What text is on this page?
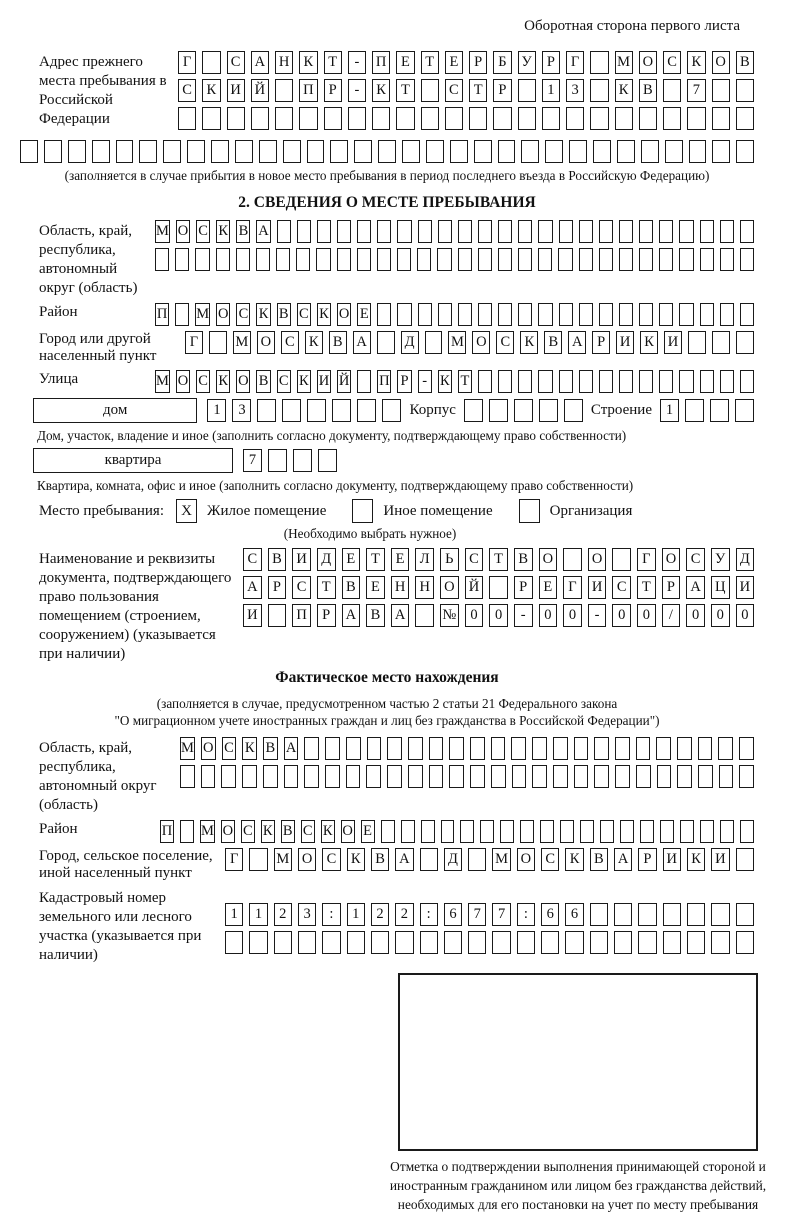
Оборотная сторона первого листа
Адрес прежнего места пребывания в Российской Федерации
Г	С А Н К	Т	-	П	Е	Т	Е	Р	Б	У	Р	Г	М О С К О В
С К И Й	П	Р	-	К	Т	С	Т	Р	1	3	К В	7
(заполняется в случае прибытия в новое место пребывания в период последнего въезда в Российскую Федерацию)
2. СВЕДЕНИЯ О МЕСТЕ ПРЕБЫВАНИЯ
Область, край, республика, автономный округ (область)
М О С К В А
Район	П М О С К В С К О Е
Город или другой населенный пункт
Г	М О С К В А	Д	М О С К В А	Р	И К И
Улица	М О С К О В С К И Й П Р - К Т
дом	1	3	Корпус	Строение 1
Дом, участок, владение и иное (заполнить согласно документу, подтверждающему право собственности)
квартира	7
Квартира, комната, офис и иное (заполнить согласно документу, подтверждающему право собственности)
Место пребывания:	X	Жилое помещение	Иное помещение	Организация
(Необходимо выбрать нужное)
Наименование и реквизиты документа, подтверждающего право пользования помещением (строением, сооружением) (указывается при наличии)
С	В	И Д	Е	Т	Е	Л	Ь	С	Т	В	О	О	Г	О	С	У	Д
А	Р	С	Т	В	Е	Н Н О Й	Р	Е	Г	И	С	Т	Р	А Ц И
И	П	Р	А	В	А	№ 0	0	-	0	0	-	0	0	/	0	0	0
Фактическое место нахождения
(заполняется в случае, предусмотренном частью 2 статьи 21 Федерального закона
"О миграционном учете иностранных граждан и лиц без гражданства в Российской Федерации")
Область, край, республика, автономный округ (область)
М О С К В А
Район	П М О С К В С К О Е
Город, сельское поселение, иной населенный пункт
Г	М О С К В А	Д	М О С К В А	Р	И К И
Кадастровый номер земельного или лесного участка (указывается при наличии)
1	1	2	3	:	1	2	2	:	6	7	7	:	6	6
Отметка о подтверждении выполнения принимающей стороной и иностранным гражданином или лицом без гражданства действий, необходимых для его постановки на учет по месту пребывания
